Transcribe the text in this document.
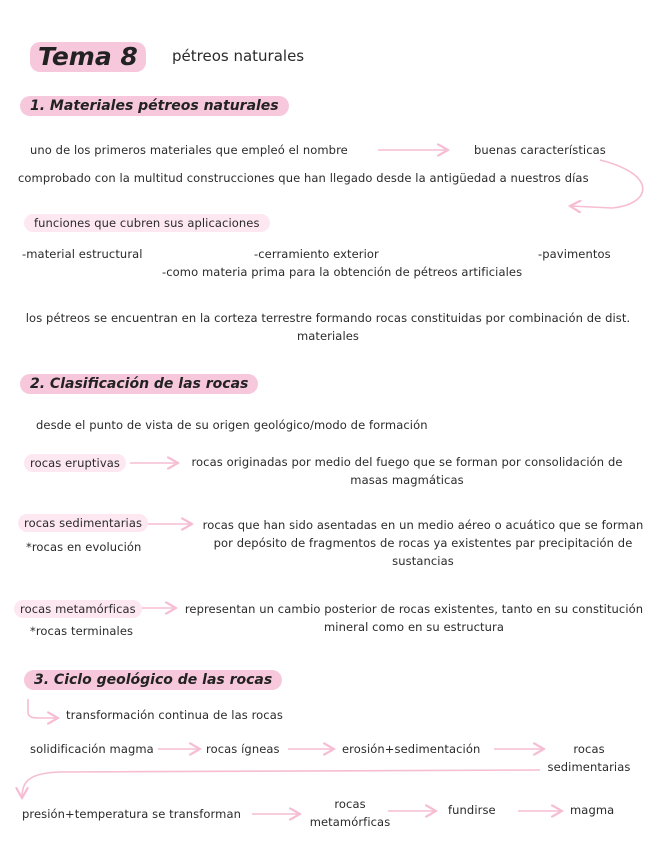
Tema 8	pétreos naturales
1. Materiales pétreos naturales
uno de los primeros materiales que empleó el nombre	buenas características
comprobado con la multitud construcciones que han llegado desde la antigüedad a nuestros días
funciones que cubren sus aplicaciones
-material estructural	-cerramiento exterior	-pavimentos
-como materia prima para la obtención de pétreos artificiales
los pétreos se encuentran en la corteza terrestre formando rocas constituidas por combinación de dist. materiales
2. Clasificación de las rocas
desde el punto de vista de su origen geológico/modo de formación
rocas eruptivas	rocas originadas por medio del fuego que se forman por consolidación de masas magmáticas
rocas sedimentarias
*rocas en evolución
rocas que han sido asentadas en un medio aéreo o acuático que se forman por depósito de fragmentos de rocas ya existentes par precipitación de sustancias
rocas metamórficas
*rocas terminales
representan un cambio posterior de rocas existentes, tanto en su constitución mineral como en su estructura
3. Ciclo geológico de las rocas
transformación continua de las rocas
solidificación magma	rocas ígneas	erosión+sedimentación	rocas sedimentarias
presión+temperatura se transforman
rocas metamórficas
fundirse	magma
